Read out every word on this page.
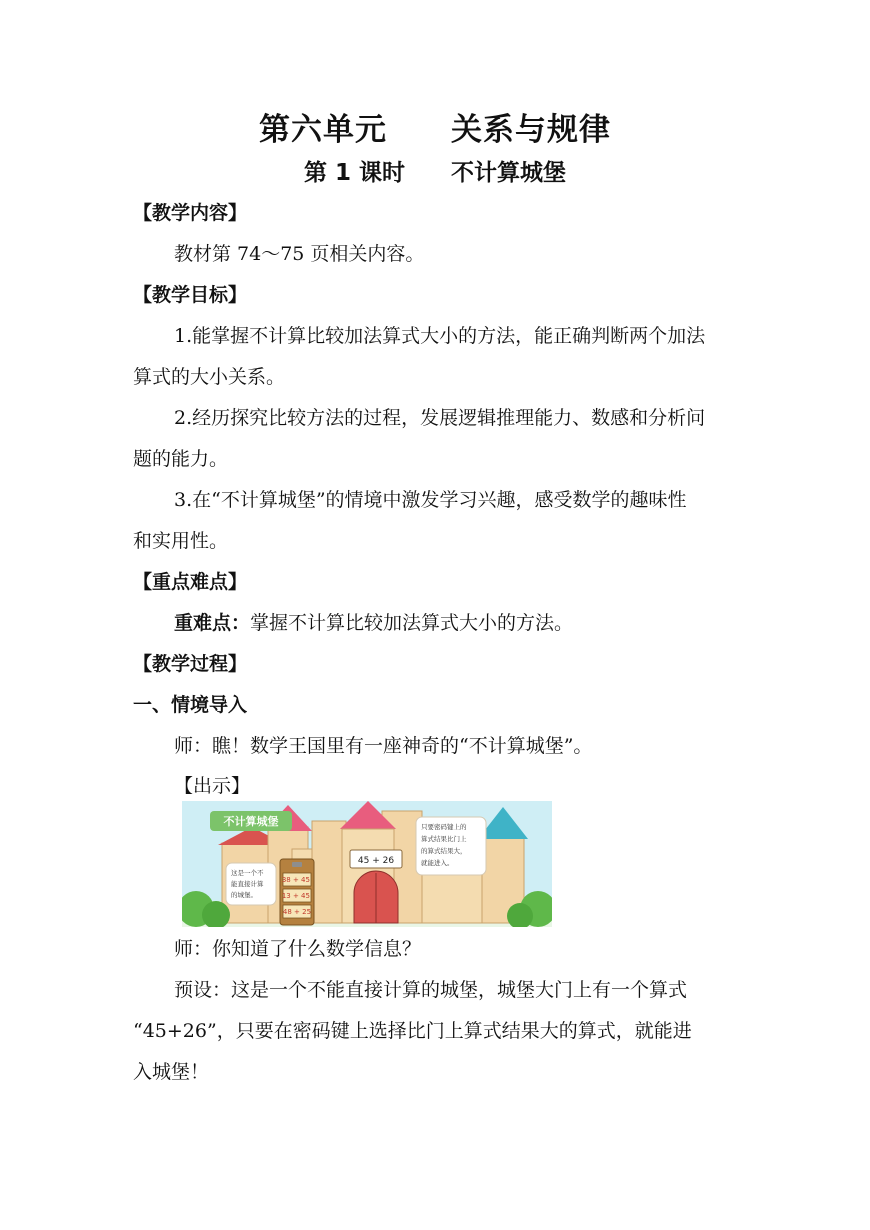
第六单元　　关系与规律
第 1 课时　　不计算城堡
【教学内容】
教材第 74～75 页相关内容。
【教学目标】
1.能掌握不计算比较加法算式大小的方法，能正确判断两个加法
算式的大小关系。
2.经历探究比较方法的过程，发展逻辑推理能力、数感和分析问
题的能力。
3.在“不计算城堡”的情境中激发学习兴趣，感受数学的趣味性
和实用性。
【重点难点】
重难点：掌握不计算比较加法算式大小的方法。
【教学过程】
一、情境导入
师：瞧！数学王国里有一座神奇的“不计算城堡”。
【出示】
45 + 26
不计算城堡
这是一个不 能直接计算 的城堡。
38 + 45 13 + 45 48 + 25
只要密码键上的 算式结果比门上 的算式结果大， 就能进入。
师：你知道了什么数学信息？
预设：这是一个不能直接计算的城堡，城堡大门上有一个算式
“45+26”，只要在密码键上选择比门上算式结果大的算式，就能进
入城堡！
